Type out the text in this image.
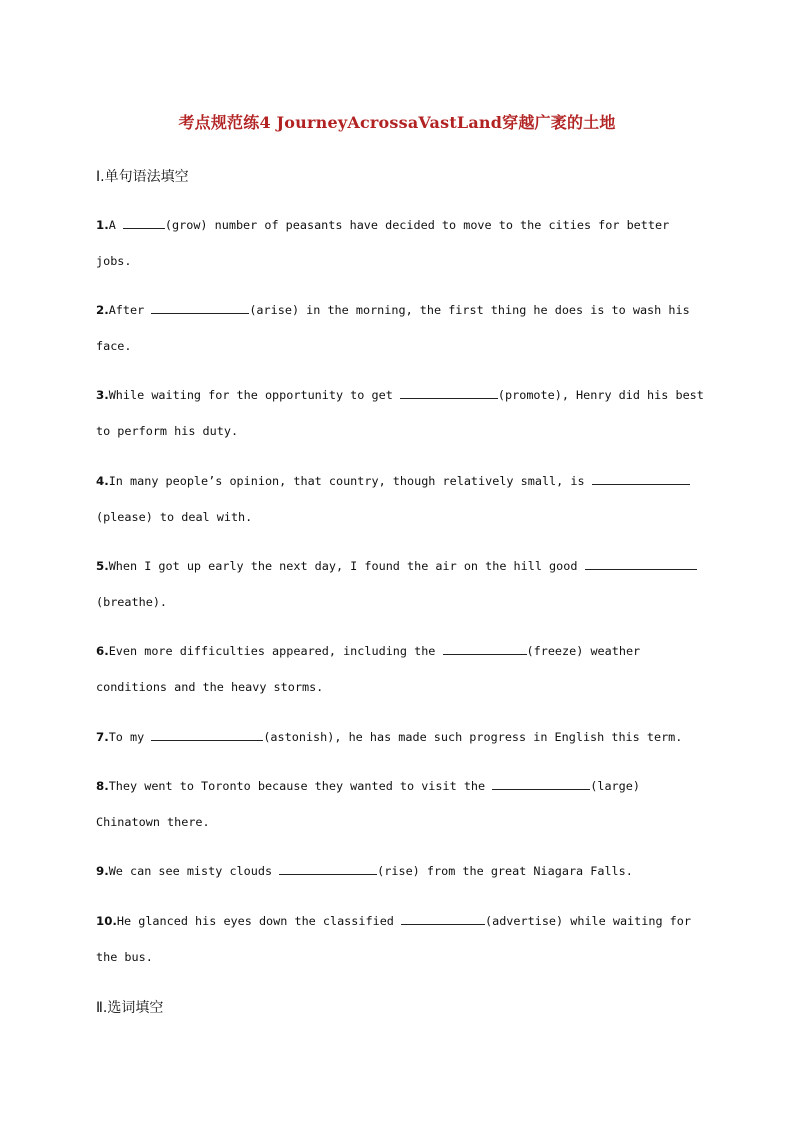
考点规范练4 JourneyAcrossaVastLand穿越广袤的土地
Ⅰ.单句语法填空
1.A	(grow) number of peasants have decided to move to the cities for better jobs.
2.After	(arise) in the morning, the first thing he does is to wash his face.
3.While waiting for the opportunity to get	(promote), Henry did his best to perform his duty.
4.In many people’s opinion, that country, though relatively small, is (please) to deal with.
5.When I got up early the next day, I found the air on the hill good (breathe).
6.Even more difficulties appeared, including the	(freeze) weather conditions and the heavy storms.
7.To my	(astonish), he has made such progress in English this term.
8.They went to Toronto because they wanted to visit the	(large) Chinatown there.
9.We can see misty clouds	(rise) from the great Niagara Falls.
10.He glanced his eyes down the classified	(advertise) while waiting for the bus.
Ⅱ.选词填空
